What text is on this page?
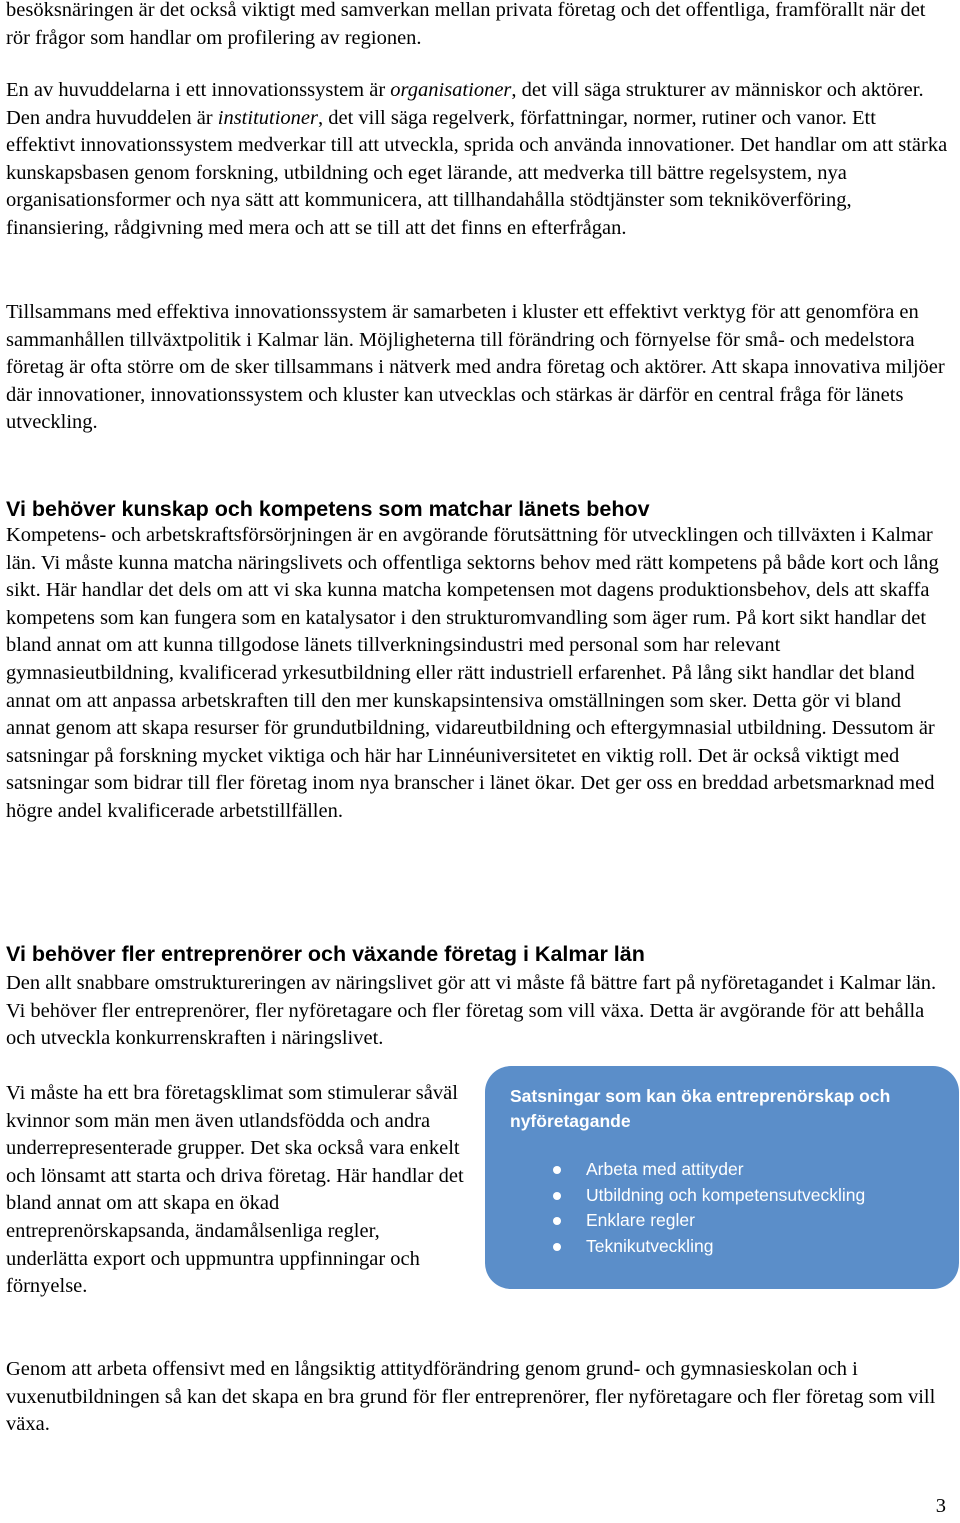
besöksnäringen är det också viktigt med samverkan mellan privata företag och det offentliga, framförallt när det rör frågor som handlar om profilering av regionen.

En av huvuddelarna i ett innovationssystem är organisationer, det vill säga strukturer av människor och aktörer. Den andra huvuddelen är institutioner, det vill säga regelverk, författningar, normer, rutiner och vanor. Ett effektivt innovationssystem medverkar till att utveckla, sprida och använda innovationer. Det handlar om att stärka kunskapsbasen genom forskning, utbildning och eget lärande, att medverka till bättre regelsystem, nya organisationsformer och nya sätt att kommunicera, att tillhandahålla stödtjänster som tekniköverföring, finansiering, rådgivning med mera och att se till att det finns en efterfrågan.

Tillsammans med effektiva innovationssystem är samarbeten i kluster ett effektivt verktyg för att genomföra en sammanhållen tillväxtpolitik i Kalmar län. Möjligheterna till förändring och förnyelse för små- och medelstora företag är ofta större om de sker tillsammans i nätverk med andra företag och aktörer. Att skapa innovativa miljöer där innovationer, innovationssystem och kluster kan utvecklas och stärkas är därför en central fråga för länets utveckling.

Vi behöver kunskap och kompetens som matchar länets behov

Kompetens- och arbetskraftsförsörjningen är en avgörande förutsättning för utvecklingen och tillväxten i Kalmar län. Vi måste kunna matcha näringslivets och offentliga sektorns behov med rätt kompetens på både kort och lång sikt. Här handlar det dels om att vi ska kunna matcha kompetensen mot dagens produktionsbehov, dels att skaffa kompetens som kan fungera som en katalysator i den strukturomvandling som äger rum. På kort sikt handlar det bland annat om att kunna tillgodose länets tillverkningsindustri med personal som har relevant gymnasieutbildning, kvalificerad yrkesutbildning eller rätt industriell erfarenhet. På lång sikt handlar det bland annat om att anpassa arbetskraften till den mer kunskapsintensiva omställningen som sker. Detta gör vi bland annat genom att skapa resurser för grundutbildning, vidareutbildning och eftergymnasial utbildning. Dessutom är satsningar på forskning mycket viktiga och här har Linnéuniversitetet en viktig roll. Det är också viktigt med satsningar som bidrar till fler företag inom nya branscher i länet ökar. Det ger oss en breddad arbetsmarknad med högre andel kvalificerade arbetstillfällen.

Vi behöver fler entreprenörer och växande företag i Kalmar län

Den allt snabbare omstruktureringen av näringslivet gör att vi måste få bättre fart på nyföretagandet i Kalmar län. Vi behöver fler entreprenörer, fler nyföretagare och fler företag som vill växa. Detta är avgörande för att behålla och utveckla konkurrenskraften i näringslivet.

Vi måste ha ett bra företagsklimat som stimulerar såväl kvinnor som män men även utlandsfödda och andra underrepresenterade grupper. Det ska också vara enkelt och lönsamt att starta och driva företag. Här handlar det bland annat om att skapa en ökad entreprenörskapsanda, ändamålsenliga regler, underlätta export och uppmuntra uppfinningar och förnyelse.

Genom att arbeta offensivt med en långsiktig attitydförändring genom grund- och gymnasieskolan och i vuxenutbildningen så kan det skapa en bra grund för fler entreprenörer, fler nyföretagare och fler företag som vill växa.

Satsningar som kan öka entreprenörskap och nyföretagande
Arbeta med attityder
Utbildning och kompetensutveckling
Enklare regler
Teknikutveckling
3
